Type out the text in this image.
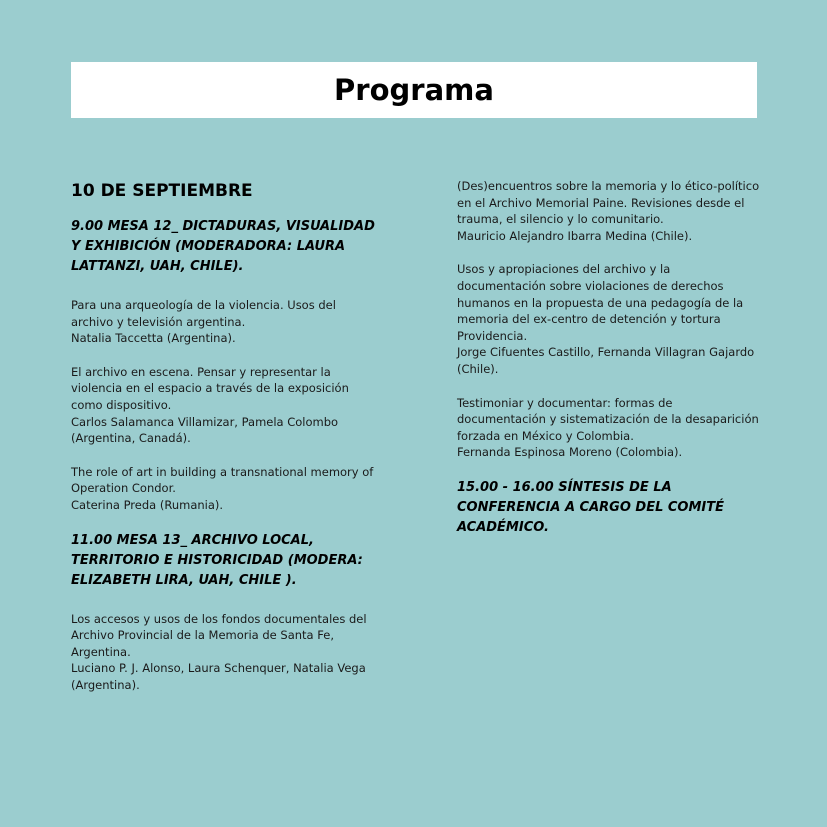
Programa
10 DE SEPTIEMBRE
9.00 MESA 12_ DICTADURAS, VISUALIDAD Y EXHIBICIÓN (MODERADORA: LAURA LATTANZI, UAH, CHILE).
Para una arqueología de la violencia. Usos del archivo y televisión argentina.
Natalia Taccetta (Argentina).
El archivo en escena. Pensar y representar la violencia en el espacio a través de la exposición como dispositivo.
Carlos Salamanca Villamizar, Pamela Colombo (Argentina, Canadá).
The role of art in building a transnational memory of Operation Condor.
Caterina Preda (Rumania).
11.00 MESA 13_ ARCHIVO LOCAL, TERRITORIO E HISTORICIDAD (MODERA: ELIZABETH LIRA, UAH, CHILE ).
Los accesos y usos de los fondos documentales del Archivo Provincial de la Memoria de Santa Fe, Argentina.
Luciano P. J. Alonso, Laura Schenquer, Natalia Vega (Argentina).
(Des)encuentros sobre la memoria y lo ético-político en el Archivo Memorial Paine. Revisiones desde el trauma, el silencio y lo comunitario.
Mauricio Alejandro Ibarra Medina (Chile).
Usos y apropiaciones del archivo y la documentación sobre violaciones de derechos humanos en la propuesta de una pedagogía de la memoria del ex-centro de detención y tortura Providencia.
Jorge Cifuentes Castillo, Fernanda Villagran Gajardo (Chile).
Testimoniar y documentar: formas de documentación y sistematización de la desaparición forzada en México y Colombia.
Fernanda Espinosa Moreno (Colombia).
15.00 - 16.00 SÍNTESIS DE LA CONFERENCIA A CARGO DEL COMITÉ ACADÉMICO.
